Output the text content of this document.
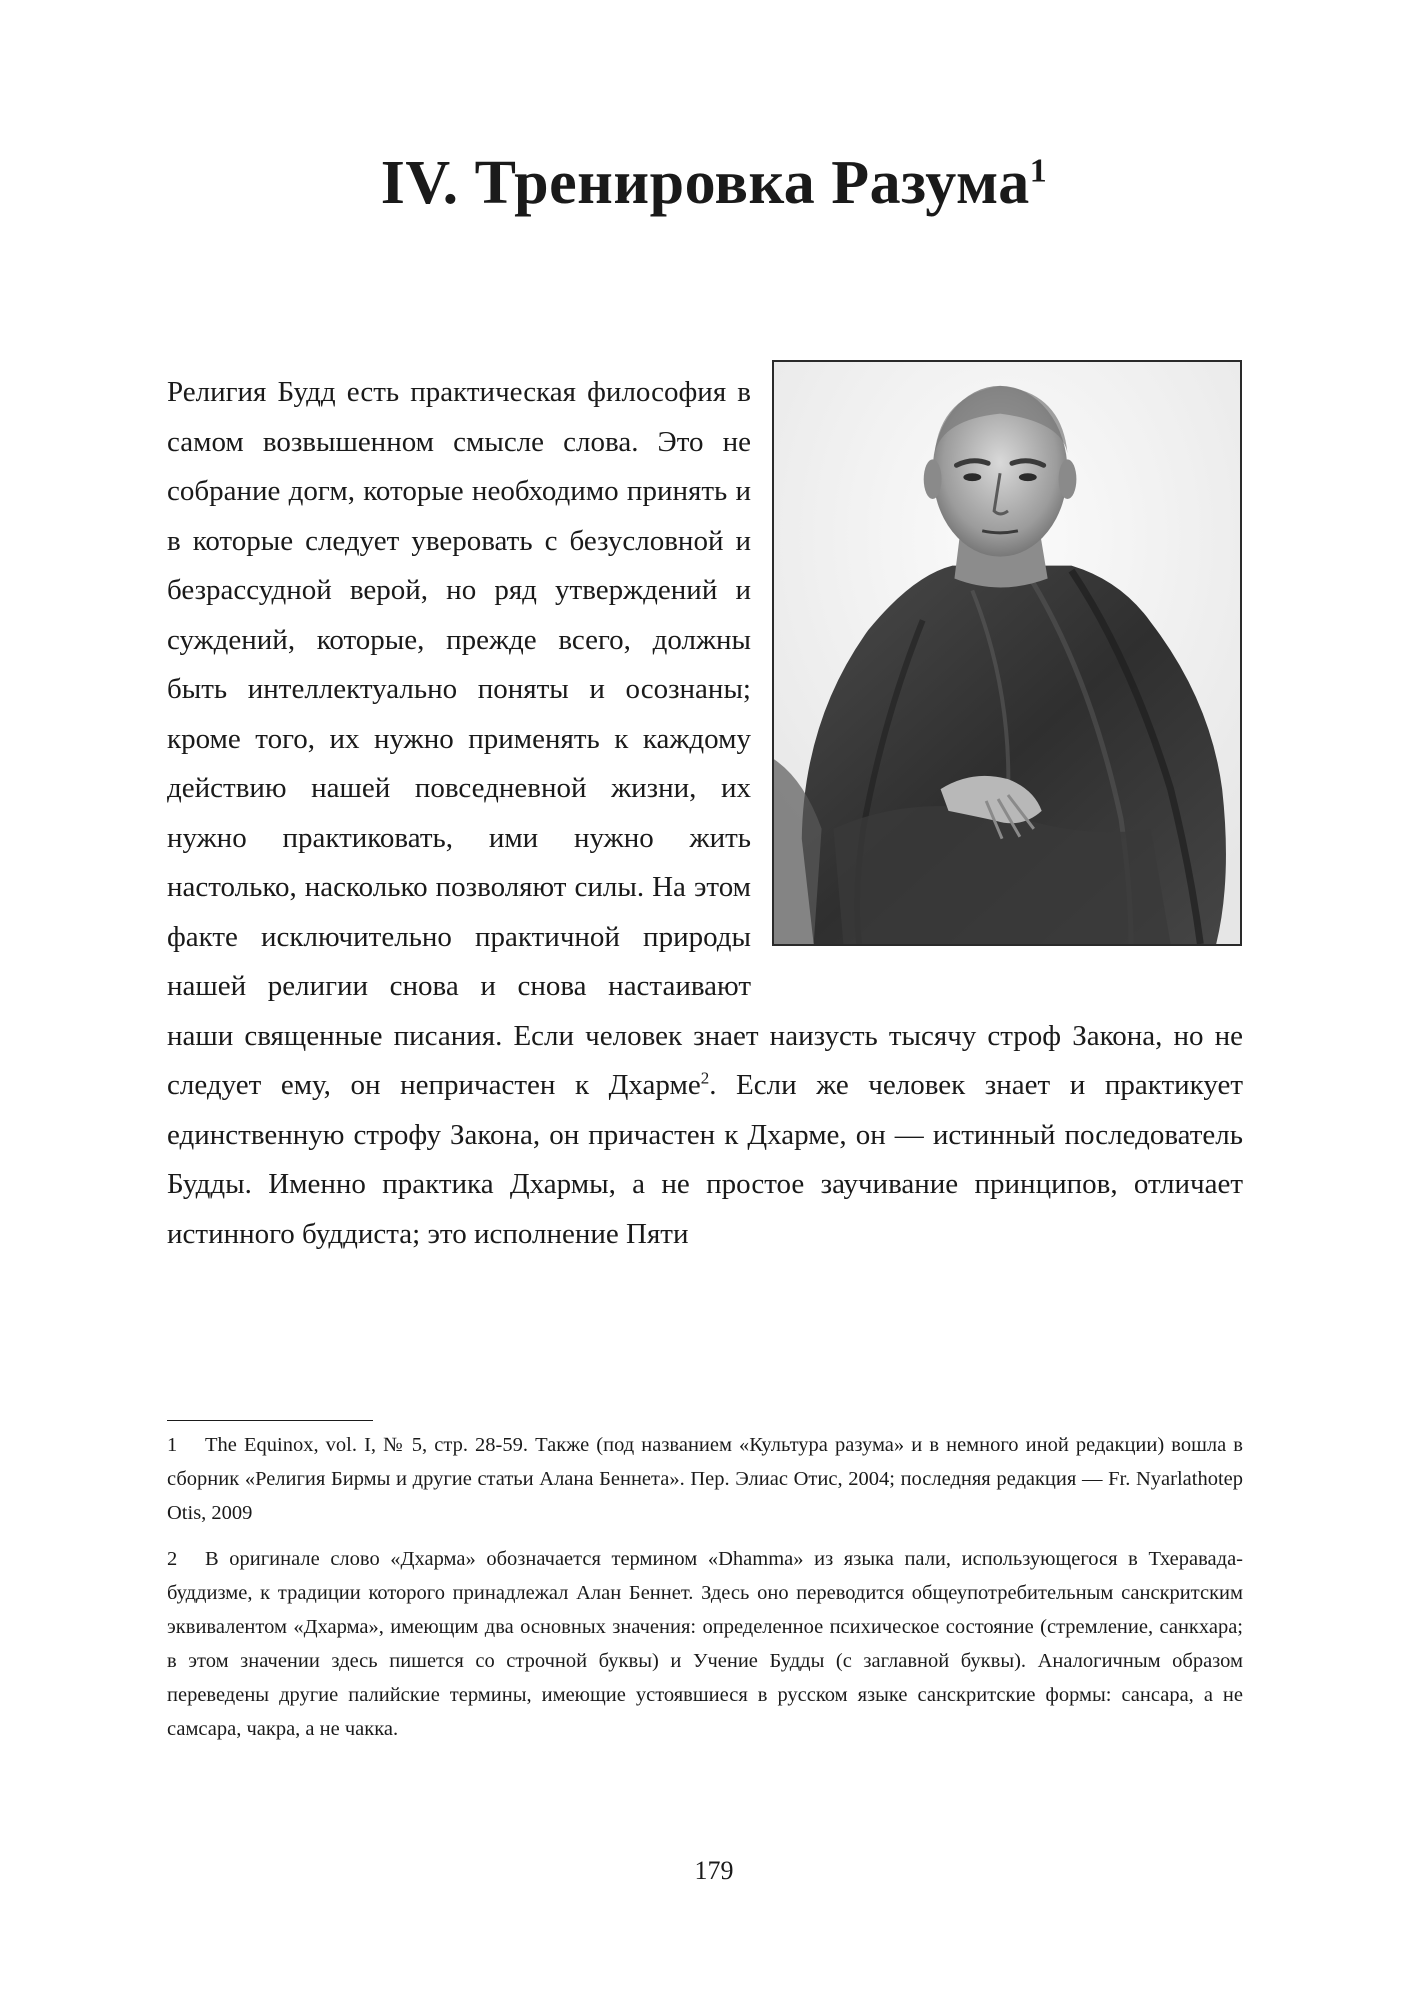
IV. Тренировка Разума$^1$

Религия Будд есть практическая философия в самом возвышенном смысле слова. Это не собрание догм, которые необходимо принять и в которые следует уверовать с безусловной и безрассудной верой, но ряд утверждений и суждений, которые, прежде всего, должны быть интеллектуально поняты и осознаны; кроме того, их нужно применять к каждому действию нашей повседневной жизни, их нужно практиковать, ими нужно жить настолько, насколько позволяют силы. На этом факте исключительно практичной природы нашей религии снова и снова настаивают наши священные писания. Если человек знает наизусть тысячу строф Закона, но не следует ему, он непричастен к Дхарме$^2$. Если же человек знает и практикует единственную строфу Закона, он причастен к Дхарме, он — истинный последователь Будды. Именно практика Дхармы, а не простое заучивание принципов, отличает истинного буддиста; это исполнение Пяти

1	The Equinox, vol. I, № 5, стр. 28-59. Также (под названием «Культура разума» и в немного иной редакции) вошла в сборник «Религия Бирмы и другие статьи Алана Беннета». Пер. Элиас Отис, 2004; последняя редакция — Fr. Nyarlathotep Otis, 2009
2	В оригинале слово «Дхарма» обозначается термином «Dhamma» из языка пали, использующегося в Тхеравада-буддизме, к традиции которого принадлежал Алан Беннет. Здесь оно переводится общеупотребительным санскритским эквивалентом «Дхарма», имеющим два основных значения: определенное психическое состояние (стремление, санкхара; в этом значении здесь пишется со строчной буквы) и Учение Будды (с заглавной буквы). Аналогичным образом переведены другие палийские термины, имеющие устоявшиеся в русском языке санскритские формы: сансара, а не самсара, чакра, а не чакка.
179
